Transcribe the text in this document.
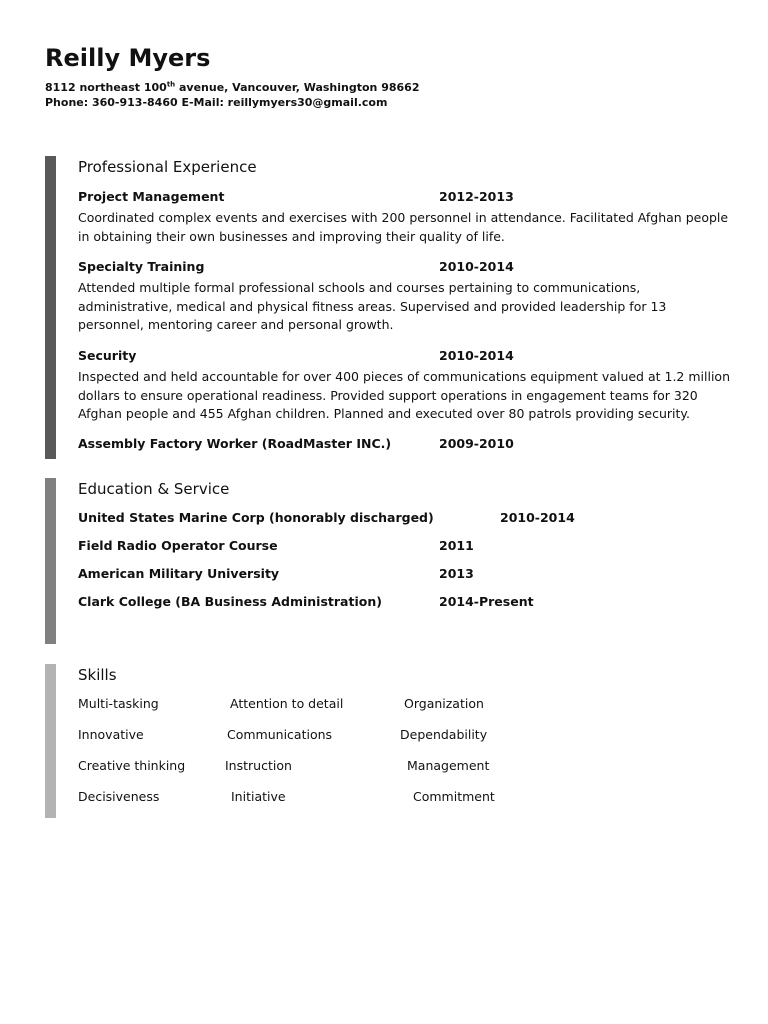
Reilly Myers
8112 northeast 100th avenue, Vancouver, Washington 98662
Phone: 360-913-8460 E-Mail: reillymyers30@gmail.com
Professional Experience
Project Management	2012-2013
Coordinated complex events and exercises with 200 personnel in attendance. Facilitated Afghan people in obtaining their own businesses and improving their quality of life.
Specialty Training	2010-2014
Attended multiple formal professional schools and courses pertaining to communications, administrative, medical and physical fitness areas. Supervised and provided leadership for 13 personnel, mentoring career and personal growth.
Security	2010-2014
Inspected and held accountable for over 400 pieces of communications equipment valued at 1.2 million dollars to ensure operational readiness. Provided support operations in engagement teams for 320 Afghan people and 455 Afghan children. Planned and executed over 80 patrols providing security.
Assembly Factory Worker (RoadMaster INC.)	2009-2010
Education & Service
United States Marine Corp (honorably discharged)	2010-2014
Field Radio Operator Course	2011
American Military University	2013
Clark College (BA Business Administration)	2014-Present
Skills
Multi-tasking	Attention to detail	Organization
Innovative	Communications	Dependability
Creative thinking	Instruction	Management
Decisiveness	Initiative	Commitment
